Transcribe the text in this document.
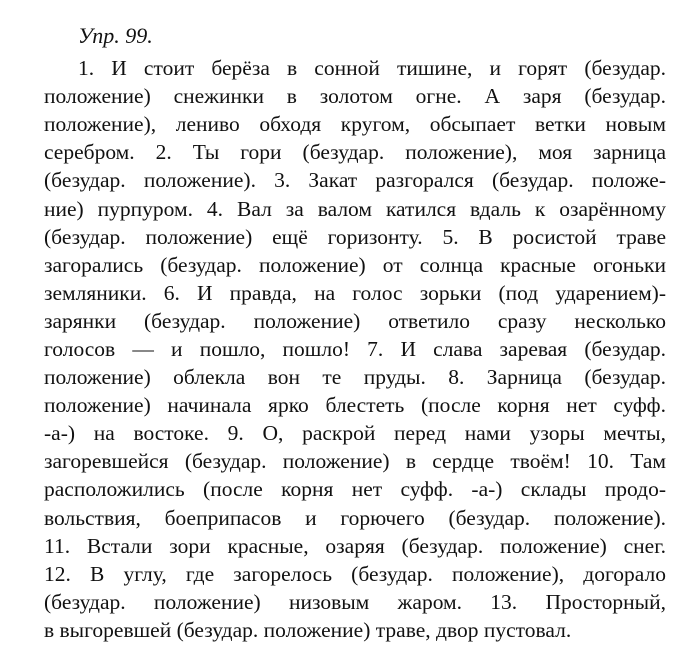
Упр. 99.
1. И стоит берёза в сонной тишине, и горят (безудар.
положение) снежинки в золотом огне. А заря (безудар.
положение), лениво обходя кругом, обсыпает ветки новым
серебром. 2. Ты гори (безудар. положение), моя зарница
(безудар. положение). 3. Закат разгорался (безудар. положе-
ние) пурпуром. 4. Вал за валом катился вдаль к озарённому
(безудар. положение) ещё горизонту. 5. В росистой траве
загорались (безудар. положение) от солнца красные огоньки
земляники. 6. И правда, на голос зорьки (под ударением)-
зарянки (безудар. положение) ответило сразу несколько
голосов — и пошло, пошло! 7. И слава заревая (безудар.
положение) облекла вон те пруды. 8. Зарница (безудар.
положение) начинала ярко блестеть (после корня нет суфф.
-а-) на востоке. 9. О, раскрой перед нами узоры мечты,
загоревшейся (безудар. положение) в сердце твоём! 10. Там
расположились (после корня нет суфф. -а-) склады продо-
вольствия, боеприпасов и горючего (безудар. положение).
11. Встали зори красные, озаряя (безудар. положение) снег.
12. В углу, где загорелось (безудар. положение), догорало
(безудар. положение) низовым жаром. 13. Просторный,
в выгоревшей (безудар. положение) траве, двор пустовал.
